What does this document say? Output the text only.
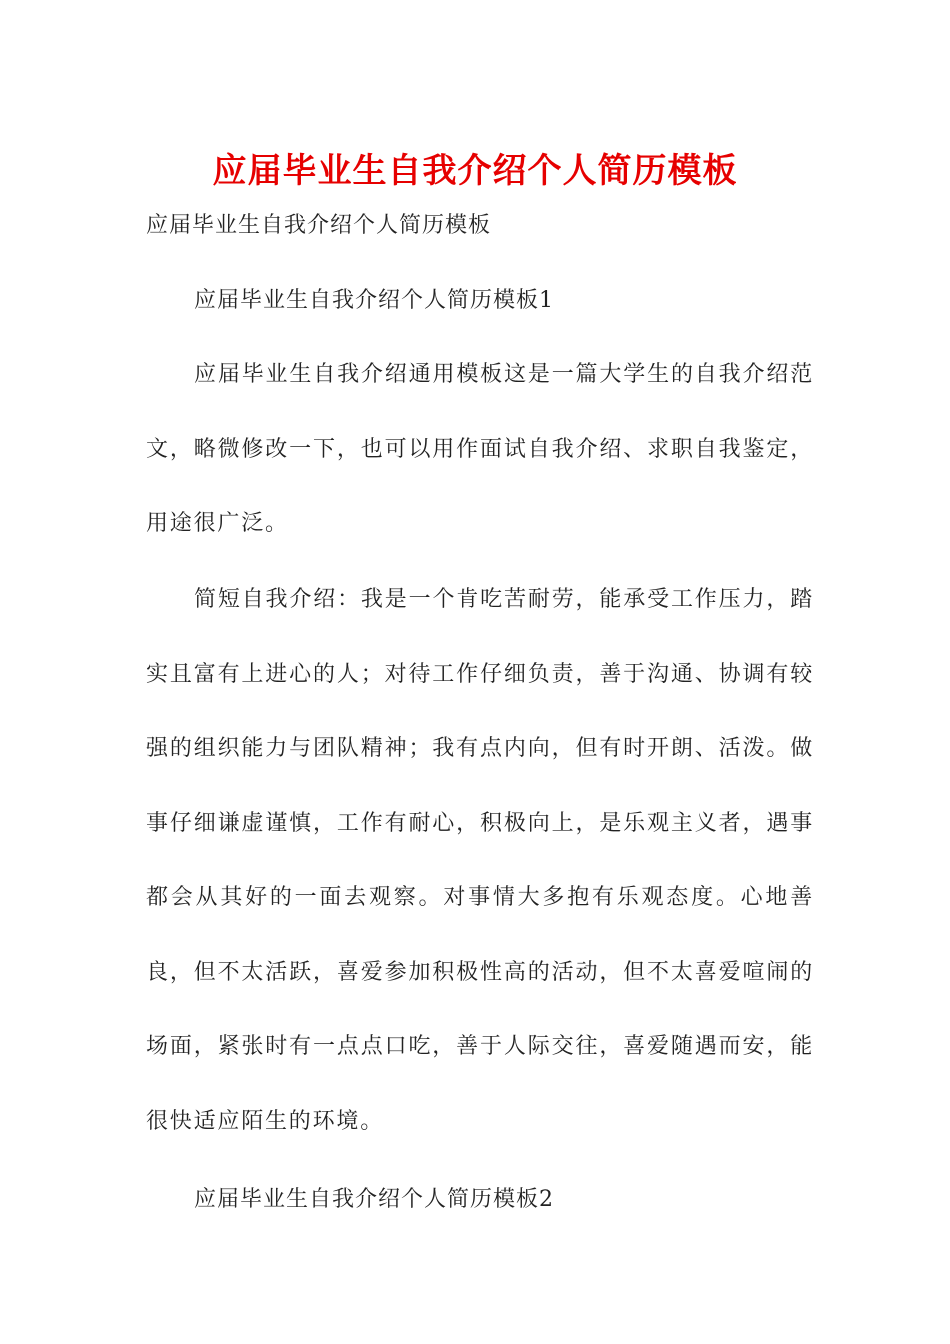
应届毕业生自我介绍个人简历模板
应届毕业生自我介绍个人简历模板
应届毕业生自我介绍个人简历模板1

应届毕业生自我介绍通用模板这是一篇大学生的自我介绍范文，略微修改一下，也可以用作面试自我介绍、求职自我鉴定，用途很广泛。

简短自我介绍：我是一个肯吃苦耐劳，能承受工作压力，踏实且富有上进心的人；对待工作仔细负责，善于沟通、协调有较强的组织能力与团队精神；我有点内向，但有时开朗、活泼。做事仔细谦虚谨慎，工作有耐心，积极向上，是乐观主义者，遇事都会从其好的一面去观察。对事情大多抱有乐观态度。心地善良，但不太活跃，喜爱参加积极性高的活动，但不太喜爱喧闹的场面，紧张时有一点点口吃，善于人际交往，喜爱随遇而安，能很快适应陌生的环境。

应届毕业生自我介绍个人简历模板2
